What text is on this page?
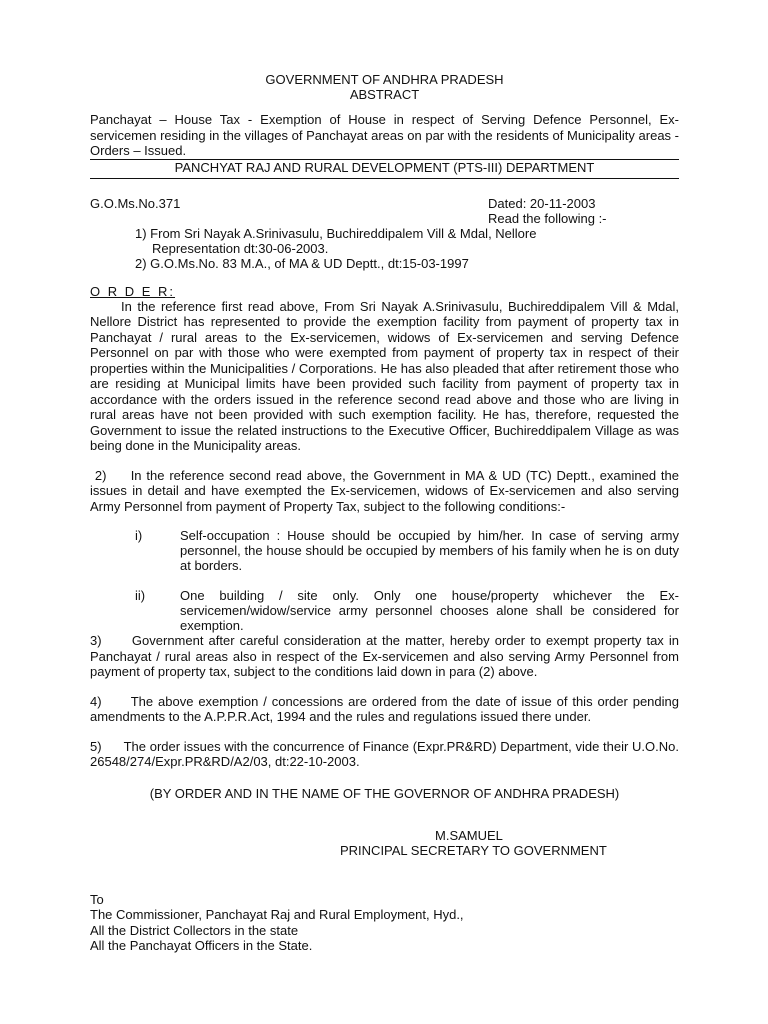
GOVERNMENT OF ANDHRA PRADESH
ABSTRACT
Panchayat – House Tax - Exemption of House in respect of Serving Defence Personnel, Ex-servicemen residing in the villages of Panchayat areas on par with the residents of Municipality areas - Orders – Issued.
PANCHYAT RAJ AND RURAL DEVELOPMENT (PTS-III) DEPARTMENT
G.O.Ms.No.371	Dated: 20-11-2003
Read the following :-
1) From Sri Nayak A.Srinivasulu, Buchireddipalem Vill & Mdal, Nellore
Representation dt:30-06-2003.
2) G.O.Ms.No. 83 M.A., of MA & UD Deptt., dt:15-03-1997
O R D E R:
In the reference first read above, From Sri Nayak A.Srinivasulu, Buchireddipalem Vill & Mdal, Nellore District has represented to provide the exemption facility from payment of property tax in Panchayat / rural areas to the Ex-servicemen, widows of Ex-servicemen and serving Defence Personnel on par with those who were exempted from payment of property tax in respect of their properties within the Municipalities / Corporations. He has also pleaded that after retirement those who are residing at Municipal limits have been provided such facility from payment of property tax in accordance with the orders issued in the reference second read above and those who are living in rural areas have not been provided with such exemption facility. He has, therefore, requested the Government to issue the related instructions to the Executive Officer, Buchireddipalem Village as was being done in the Municipality areas.
2)     In the reference second read above, the Government in MA & UD (TC) Deptt., examined the issues in detail and have exempted the Ex-servicemen, widows of Ex-servicemen and also serving Army Personnel from payment of Property Tax, subject to the following conditions:-
i)	Self-occupation : House should be occupied by him/her. In case of serving army personnel, the house should be occupied by members of his family when he is on duty at borders.
ii)	One building / site only. Only one house/property whichever the Ex-servicemen/widow/service army personnel chooses alone shall be considered for exemption.
3)      Government after careful consideration at the matter, hereby order to exempt property tax in Panchayat / rural areas also in respect of the Ex-servicemen and also serving Army Personnel from payment of property tax, subject to the conditions laid down in para (2) above.
4)      The above exemption / concessions are ordered from the date of issue of this order pending amendments to the A.P.P.R.Act, 1994 and the rules and regulations issued there under.
5)      The order issues with the concurrence of Finance (Expr.PR&RD) Department, vide their U.O.No. 26548/274/Expr.PR&RD/A2/03, dt:22-10-2003.
(BY ORDER AND IN THE NAME OF THE GOVERNOR OF ANDHRA PRADESH)
M.SAMUEL
PRINCIPAL SECRETARY TO GOVERNMENT
To
The Commissioner, Panchayat Raj and Rural Employment, Hyd.,
All the District Collectors in the state
All the Panchayat Officers in the State.
